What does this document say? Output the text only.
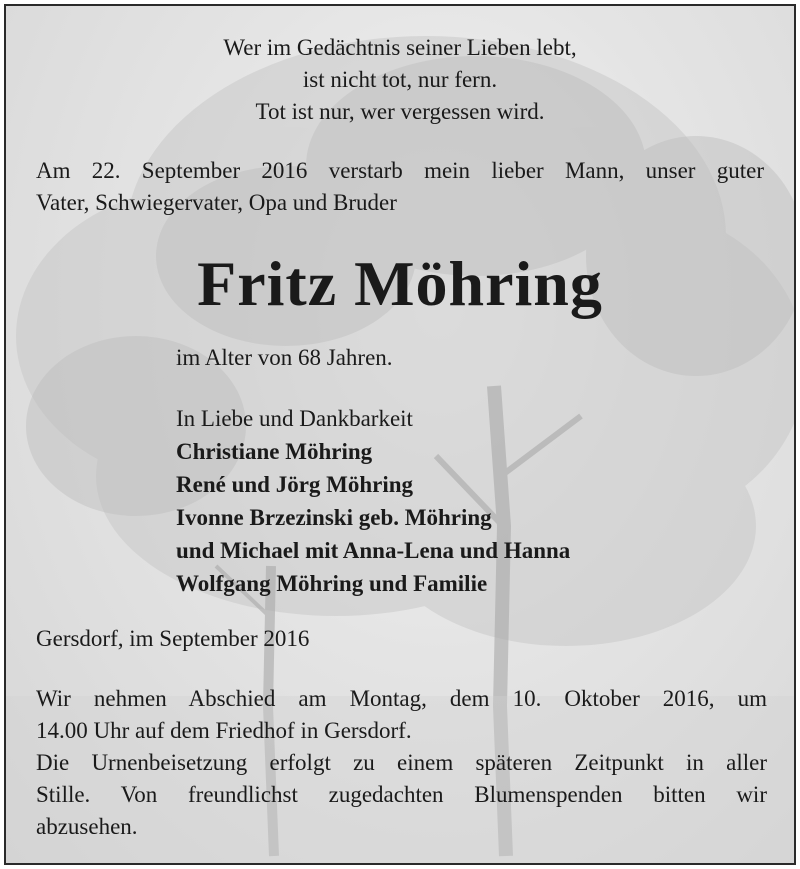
Wer im Gedächtnis seiner Lieben lebt,
ist nicht tot, nur fern.
Tot ist nur, wer vergessen wird.
Am 22. September 2016 verstarb mein lieber Mann, unser guter
Vater, Schwiegervater, Opa und Bruder
Fritz Möhring
im Alter von 68 Jahren.
In Liebe und Dankbarkeit
Christiane Möhring
René und Jörg Möhring
Ivonne Brzezinski geb. Möhring
und Michael mit Anna-Lena und Hanna
Wolfgang Möhring und Familie
Gersdorf, im September 2016
Wir nehmen Abschied am Montag, dem 10. Oktober 2016, um
14.00 Uhr auf dem Friedhof in Gersdorf.
Die Urnenbeisetzung erfolgt zu einem späteren Zeitpunkt in aller
Stille. Von freundlichst zugedachten Blumenspenden bitten wir
abzusehen.
